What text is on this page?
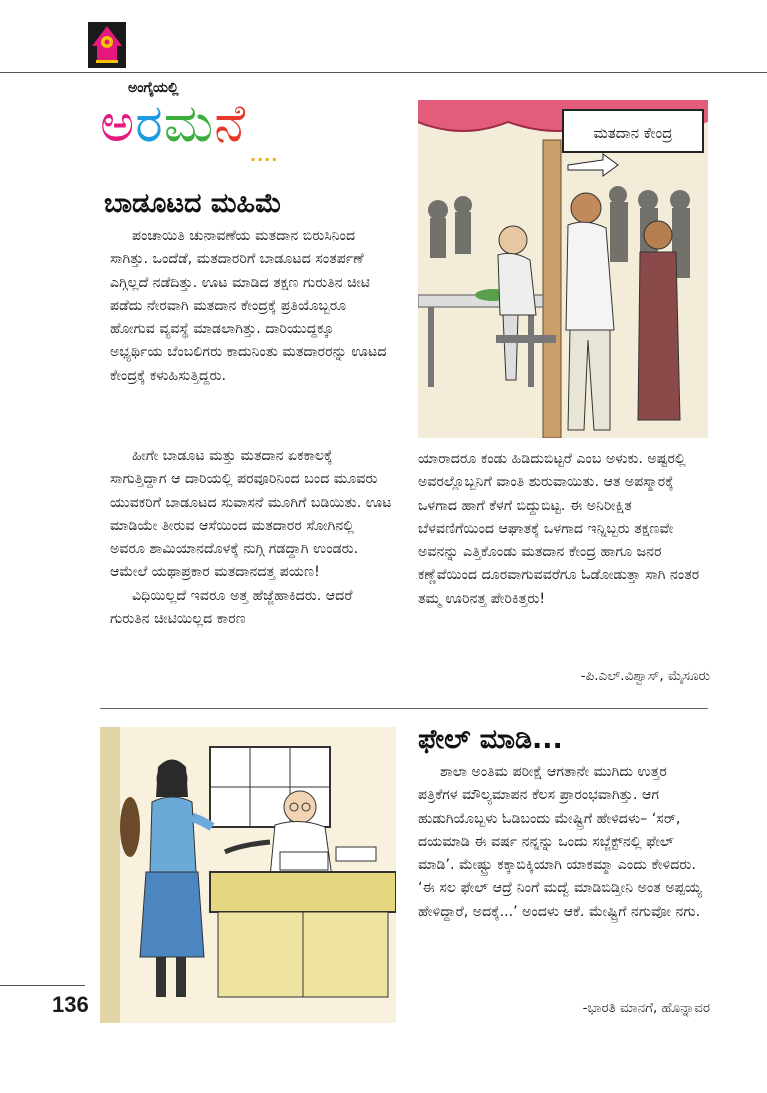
ಅಂಗೈಯಲ್ಲಿ
ಅರಮನೆ
....
ಬಾಡೂಟದ ಮಹಿಮೆ

ಪಂಚಾಯಿತಿ ಚುನಾವಣೆಯ ಮತದಾನ ಬಿರುಸಿನಿಂದ ಸಾಗಿತ್ತು. ಒಂದೆಡೆ, ಮತದಾರರಿಗೆ ಬಾಡೂಟದ ಸಂತರ್ಪಣೆ ಎಗ್ಗಿಲ್ಲದೆ ನಡೆದಿತ್ತು. ಊಟ ಮಾಡಿದ ತಕ್ಷಣ ಗುರುತಿನ ಚೀಟಿ ಪಡೆದು ನೇರವಾಗಿ ಮತದಾನ ಕೇಂದ್ರಕ್ಕೆ ಪ್ರತಿಯೊಬ್ಬರೂ ಹೋಗುವ ವ್ಯವಸ್ಥೆ ಮಾಡಲಾಗಿತ್ತು. ದಾರಿಯುದ್ದಕ್ಕೂ ಅಭ್ಯರ್ಥಿಯ ಬೆಂಬಲಿಗರು ಕಾದುನಿಂತು ಮತದಾರರನ್ನು ಊಟದ ಕೇಂದ್ರಕ್ಕೆ ಕಳುಹಿಸುತ್ತಿದ್ದರು.

ಹೀಗೇ ಬಾಡೂಟ ಮತ್ತು ಮತದಾನ ಏಕಕಾಲಕ್ಕೆ ಸಾಗುತ್ತಿದ್ದಾಗ ಆ ದಾರಿಯಲ್ಲಿ ಪರವೂರಿನಿಂದ ಬಂದ ಮೂವರು ಯುವಕರಿಗೆ ಬಾಡೂಟದ ಸುವಾಸನೆ ಮೂಗಿಗೆ ಬಡಿಯಿತು. ಊಟ ಮಾಡಿಯೇ ತೀರುವ ಆಸೆಯಿಂದ ಮತದಾರರ ಸೋಗಿನಲ್ಲಿ ಅವರೂ ಶಾಮಿಯಾನದೊಳಕ್ಕೆ ನುಗ್ಗಿ ಗಡದ್ದಾಗಿ ಉಂಡರು. ಆಮೇಲೆ ಯಥಾಪ್ರಕಾರ ಮತದಾನದತ್ತ ಪಯಣ!
ವಿಧಿಯಿಲ್ಲದೆ ಇವರೂ ಅತ್ತ ಹೆಜ್ಜೆಹಾಕಿದರು. ಆದರೆ ಗುರುತಿನ ಚೀಟಿಯಿಲ್ಲದ ಕಾರಣ

ಮತದಾನ ಕೇಂದ್ರ

ಯಾರಾದರೂ ಕಂಡು ಹಿಡಿದುಬಿಟ್ಟರೆ ಎಂಬ ಅಳುಕು. ಅಷ್ಟರಲ್ಲಿ ಅವರಲ್ಲೊಬ್ಬನಿಗೆ ವಾಂತಿ ಶುರುವಾಯಿತು. ಆತ ಅಪಸ್ಮಾರಕ್ಕೆ ಒಳಗಾದ ಹಾಗೆ ಕೆಳಗೆ ಬಿದ್ದುಬಿಟ್ಟ. ಈ ಅನಿರೀಕ್ಷಿತ ಬೆಳವಣಿಗೆಯಿಂದ ಆಘಾತಕ್ಕೆ ಒಳಗಾದ ಇನ್ನಿಬ್ಬರು ತಕ್ಷಣವೇ ಅವನನ್ನು ಎತ್ತಿಕೊಂಡು ಮತದಾನ ಕೇಂದ್ರ ಹಾಗೂ ಜನರ ಕಣ್ಣೆವೆಯಿಂದ ದೂರವಾಗುವವರೆಗೂ ಓಡೋಡುತ್ತಾ ಸಾಗಿ ನಂತರ ತಮ್ಮ ಊರಿನತ್ತ ಪೇರಿಕಿತ್ತರು!

-ಪಿ.ಎಲ್.ವಿಶ್ವಾಸ್, ಮೈಸೂರು
ಫೇಲ್ ಮಾಡಿ...

ಶಾಲಾ ಅಂತಿಮ ಪರೀಕ್ಷೆ ಆಗತಾನೇ ಮುಗಿದು ಉತ್ತರ ಪತ್ರಿಕೆಗಳ ಮೌಲ್ಯಮಾಪನ ಕೆಲಸ ಪ್ರಾರಂಭವಾಗಿತ್ತು. ಆಗ ಹುಡುಗಿಯೊಬ್ಬಳು ಓಡಿಬಂದು ಮೇಷ್ಟ್ರಿಗೆ ಹೇಳಿದಳು– ‘ಸರ್, ದಯಮಾಡಿ ಈ ವರ್ಷ ನನ್ನನ್ನು ಒಂದು ಸಬ್ಜೆಕ್ಟ್‌ನಲ್ಲಿ ಫೇಲ್ ಮಾಡಿ’. ಮೇಷ್ಟ್ರು ಕಕ್ಕಾಬಿಕ್ಕಿಯಾಗಿ ಯಾಕಮ್ಮಾ ಎಂದು ಕೇಳಿದರು. ‘ಈ ಸಲ ಫೇಲ್ ಆದ್ರೆ ನಿಂಗೆ ಮದ್ವೆ ಮಾಡಿಬಿಡ್ತೀನಿ ಅಂತ ಅಪ್ಪಯ್ಯ ಹೇಳಿದ್ದಾರೆ, ಅದಕ್ಕೆ...’ ಅಂದಳು ಆಕೆ. ಮೇಷ್ಟ್ರಿಗೆ ನಗುವೋ ನಗು.

-ಭಾರತಿ ಮಾನಗೆ, ಹೊನ್ನಾವರ
136
